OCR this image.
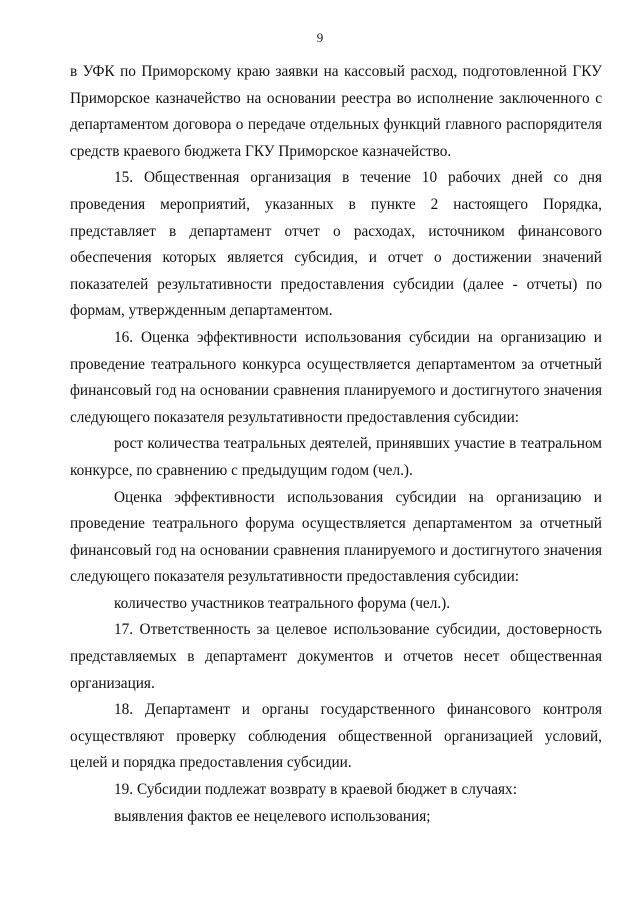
9

в УФК по Приморскому краю заявки на кассовый расход, подготовленной ГКУ Приморское казначейство на основании реестра во исполнение заключенного с департаментом договора о передаче отдельных функций главного распорядителя средств краевого бюджета ГКУ Приморское казначейство.

15. Общественная организация в течение 10 рабочих дней со дня проведения мероприятий, указанных в пункте 2 настоящего Порядка, представляет в департамент отчет о расходах, источником финансового обеспечения которых является субсидия, и отчет о достижении значений показателей результативности предоставления субсидии (далее - отчеты) по формам, утвержденным департаментом.

16. Оценка эффективности использования субсидии на организацию и проведение театрального конкурса осуществляется департаментом за отчетный финансовый год на основании сравнения планируемого и достигнутого значения следующего показателя результативности предоставления субсидии:

рост количества театральных деятелей, принявших участие в театральном конкурсе, по сравнению с предыдущим годом (чел.).

Оценка эффективности использования субсидии на организацию и проведение театрального форума осуществляется департаментом за отчетный финансовый год на основании сравнения планируемого и достигнутого значения следующего показателя результативности предоставления субсидии:

количество участников театрального форума (чел.).

17. Ответственность за целевое использование субсидии, достоверность представляемых в департамент документов и отчетов несет общественная организация.

18. Департамент и органы государственного финансового контроля осуществляют проверку соблюдения общественной организацией условий, целей и порядка предоставления субсидии.

19. Субсидии подлежат возврату в краевой бюджет в случаях:

выявления фактов ее нецелевого использования;
